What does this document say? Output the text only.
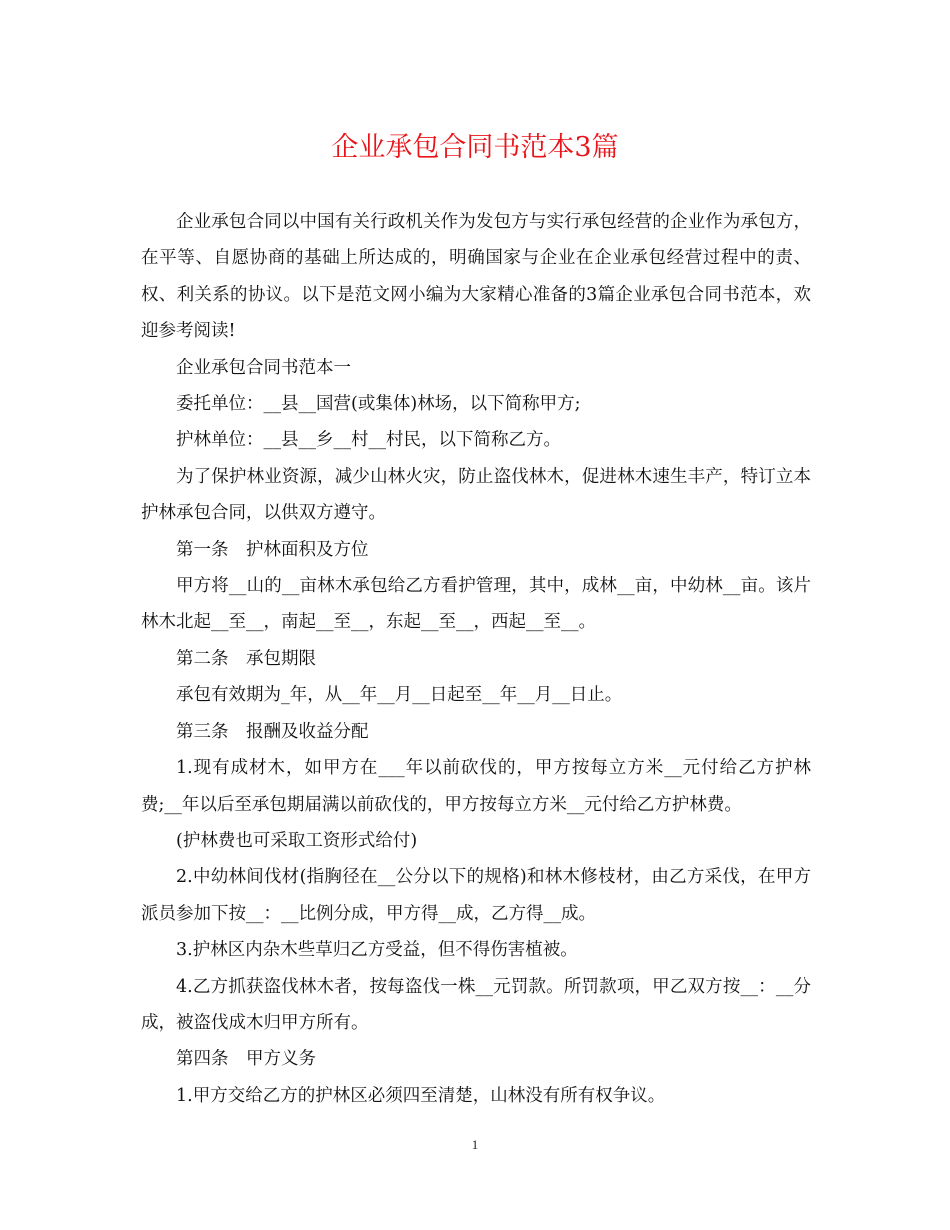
企业承包合同书范本3篇

企业承包合同以中国有关行政机关作为发包方与实行承包经营的企业作为承包方，在平等、自愿协商的基础上所达成的，明确国家与企业在企业承包经营过程中的责、权、利关系的协议。以下是范文网小编为大家精心准备的3篇企业承包合同书范本，欢迎参考阅读!

企业承包合同书范本一

委托单位：__县__国营(或集体)林场，以下简称甲方;

护林单位：__县__乡__村__村民，以下简称乙方。

为了保护林业资源，减少山林火灾，防止盗伐林木，促进林木速生丰产，特订立本护林承包合同，以供双方遵守。

第一条　护林面积及方位

甲方将__山的__亩林木承包给乙方看护管理，其中，成林__亩，中幼林__亩。该片林木北起__至__，南起__至__，东起__至__，西起__至__。

第二条　承包期限

承包有效期为_年，从__年__月__日起至__年__月__日止。

第三条　报酬及收益分配

1.现有成材木，如甲方在___年以前砍伐的，甲方按每立方米__元付给乙方护林费;__年以后至承包期届满以前砍伐的，甲方按每立方米__元付给乙方护林费。

(护林费也可采取工资形式给付)

2.中幼林间伐材(指胸径在__公分以下的规格)和林木修枝材，由乙方采伐，在甲方派员参加下按__：__比例分成，甲方得__成，乙方得__成。

3.护林区内杂木些草归乙方受益，但不得伤害植被。

4.乙方抓获盗伐林木者，按每盗伐一株__元罚款。所罚款项，甲乙双方按__：__分成，被盗伐成木归甲方所有。

第四条　甲方义务

1.甲方交给乙方的护林区必须四至清楚，山林没有所有权争议。

1
